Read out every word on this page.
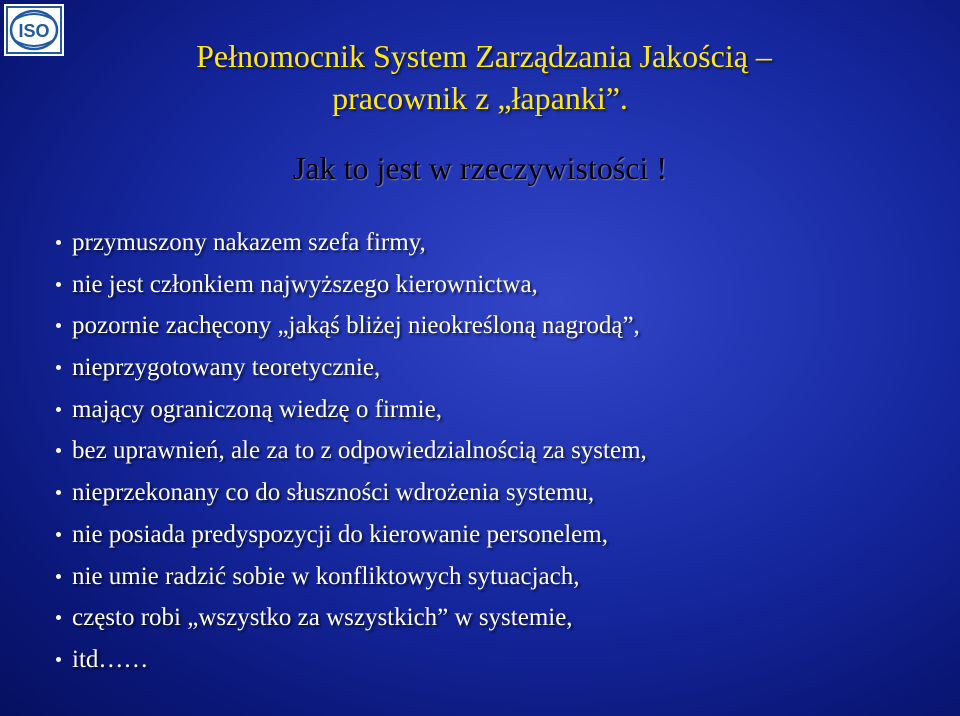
ISO
Pełnomocnik System Zarządzania Jakością –
pracownik z „łapanki”.
Jak to jest w rzeczywistości !
przymuszony nakazem szefa firmy,
nie jest członkiem najwyższego kierownictwa,
pozornie zachęcony „jakąś bliżej nieokreśloną nagrodą”,
nieprzygotowany teoretycznie,
mający ograniczoną wiedzę o firmie,
bez uprawnień, ale za to z odpowiedzialnością za system,
nieprzekonany co do słuszności wdrożenia systemu,
nie posiada predyspozycji do kierowanie personelem,
nie umie radzić sobie w konfliktowych sytuacjach,
często robi „wszystko za wszystkich” w systemie,
itd……
